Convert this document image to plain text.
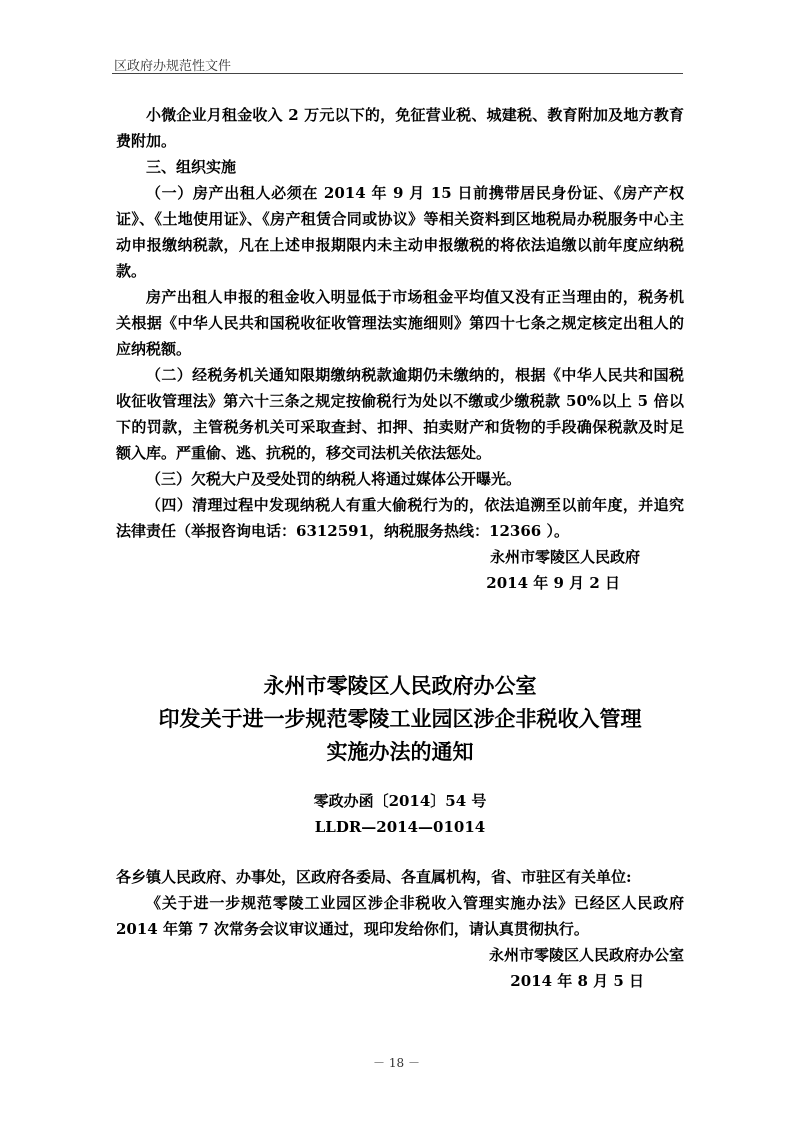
区政府办规范性文件

小微企业月租金收入 2 万元以下的，免征营业税、城建税、教育附加及地方教育费附加。

三、组织实施

（一）房产出租人必须在 2014 年 9 月 15 日前携带居民身份证、《房产产权证》、《土地使用证》、《房产租赁合同或协议》等相关资料到区地税局办税服务中心主动申报缴纳税款，凡在上述申报期限内未主动申报缴税的将依法追缴以前年度应纳税款。

房产出租人申报的租金收入明显低于市场租金平均值又没有正当理由的，税务机关根据《中华人民共和国税收征收管理法实施细则》第四十七条之规定核定出租人的应纳税额。

（二）经税务机关通知限期缴纳税款逾期仍未缴纳的，根据《中华人民共和国税收征收管理法》第六十三条之规定按偷税行为处以不缴或少缴税款 50%以上 5 倍以下的罚款，主管税务机关可采取查封、扣押、拍卖财产和货物的手段确保税款及时足额入库。严重偷、逃、抗税的，移交司法机关依法惩处。

（三）欠税大户及受处罚的纳税人将通过媒体公开曝光。

（四）清理过程中发现纳税人有重大偷税行为的，依法追溯至以前年度，并追究法律责任（举报咨询电话：6312591，纳税服务热线：12366 ）。

永州市零陵区人民政府
2014 年 9 月 2 日
永州市零陵区人民政府办公室
印发关于进一步规范零陵工业园区涉企非税收入管理
实施办法的通知
零政办函〔2014〕54 号
LLDR—2014—01014

各乡镇人民政府、办事处，区政府各委局、各直属机构，省、市驻区有关单位:

《关于进一步规范零陵工业园区涉企非税收入管理实施办法》已经区人民政府 2014 年第 7 次常务会议审议通过，现印发给你们，请认真贯彻执行。

永州市零陵区人民政府办公室
2014 年 8 月 5 日
－ 18 －
